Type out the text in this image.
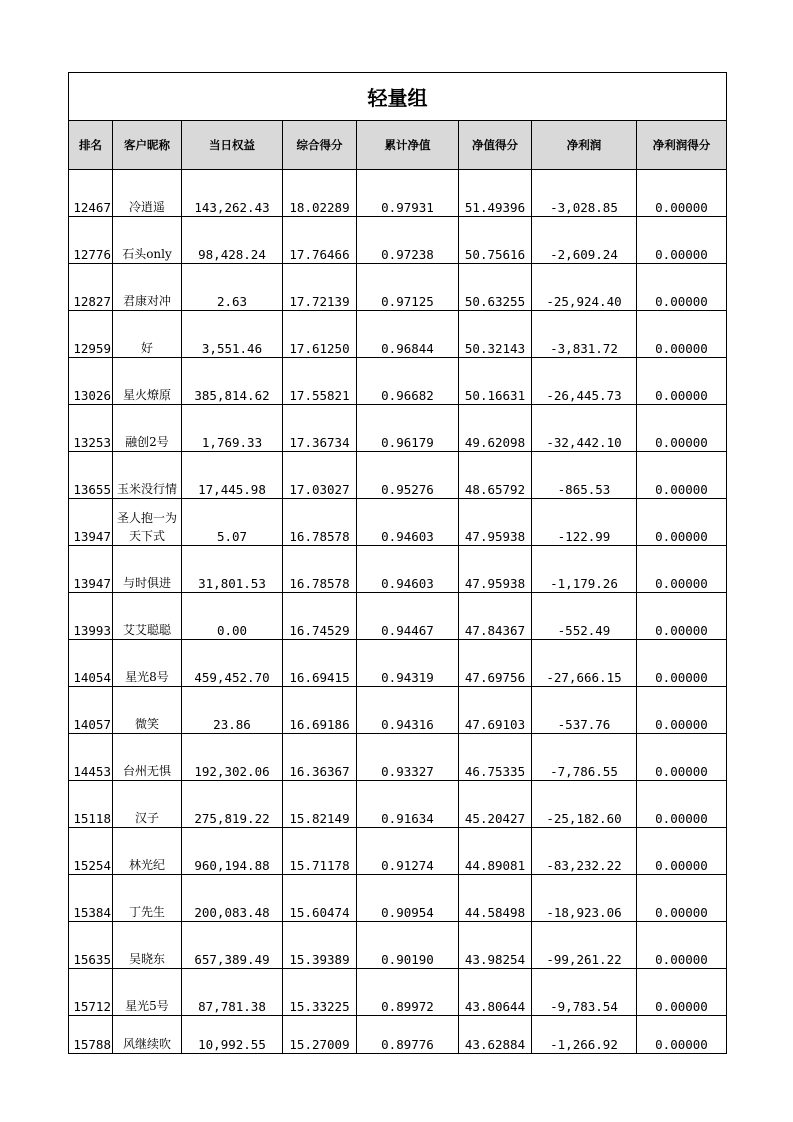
轻量组							
排名	客户昵称	当日权益	综合得分	累计净值	净值得分	净利润	净利润得分
12467	冷逍遥	143,262.43	18.02289	0.97931	51.49396	-3,028.85	0.00000
12776	石头only	98,428.24	17.76466	0.97238	50.75616	-2,609.24	0.00000
12827	君康对冲	2.63	17.72139	0.97125	50.63255	-25,924.40	0.00000
12959	好	3,551.46	17.61250	0.96844	50.32143	-3,831.72	0.00000
13026	星火燎原	385,814.62	17.55821	0.96682	50.16631	-26,445.73	0.00000
13253	融创2号	1,769.33	17.36734	0.96179	49.62098	-32,442.10	0.00000
13655	玉米没行情	17,445.98	17.03027	0.95276	48.65792	-865.53	0.00000
13947	圣人抱一为天下式	5.07	16.78578	0.94603	47.95938	-122.99	0.00000
13947	与时俱进	31,801.53	16.78578	0.94603	47.95938	-1,179.26	0.00000
13993	艾艾聪聪	0.00	16.74529	0.94467	47.84367	-552.49	0.00000
14054	星光8号	459,452.70	16.69415	0.94319	47.69756	-27,666.15	0.00000
14057	微笑	23.86	16.69186	0.94316	47.69103	-537.76	0.00000
14453	台州无惧	192,302.06	16.36367	0.93327	46.75335	-7,786.55	0.00000
15118	汉子	275,819.22	15.82149	0.91634	45.20427	-25,182.60	0.00000
15254	林光纪	960,194.88	15.71178	0.91274	44.89081	-83,232.22	0.00000
15384	丁先生	200,083.48	15.60474	0.90954	44.58498	-18,923.06	0.00000
15635	吴晓东	657,389.49	15.39389	0.90190	43.98254	-99,261.22	0.00000
15712	星光5号	87,781.38	15.33225	0.89972	43.80644	-9,783.54	0.00000
15788	风继续吹	10,992.55	15.27009	0.89776	43.62884	-1,266.92	0.00000
